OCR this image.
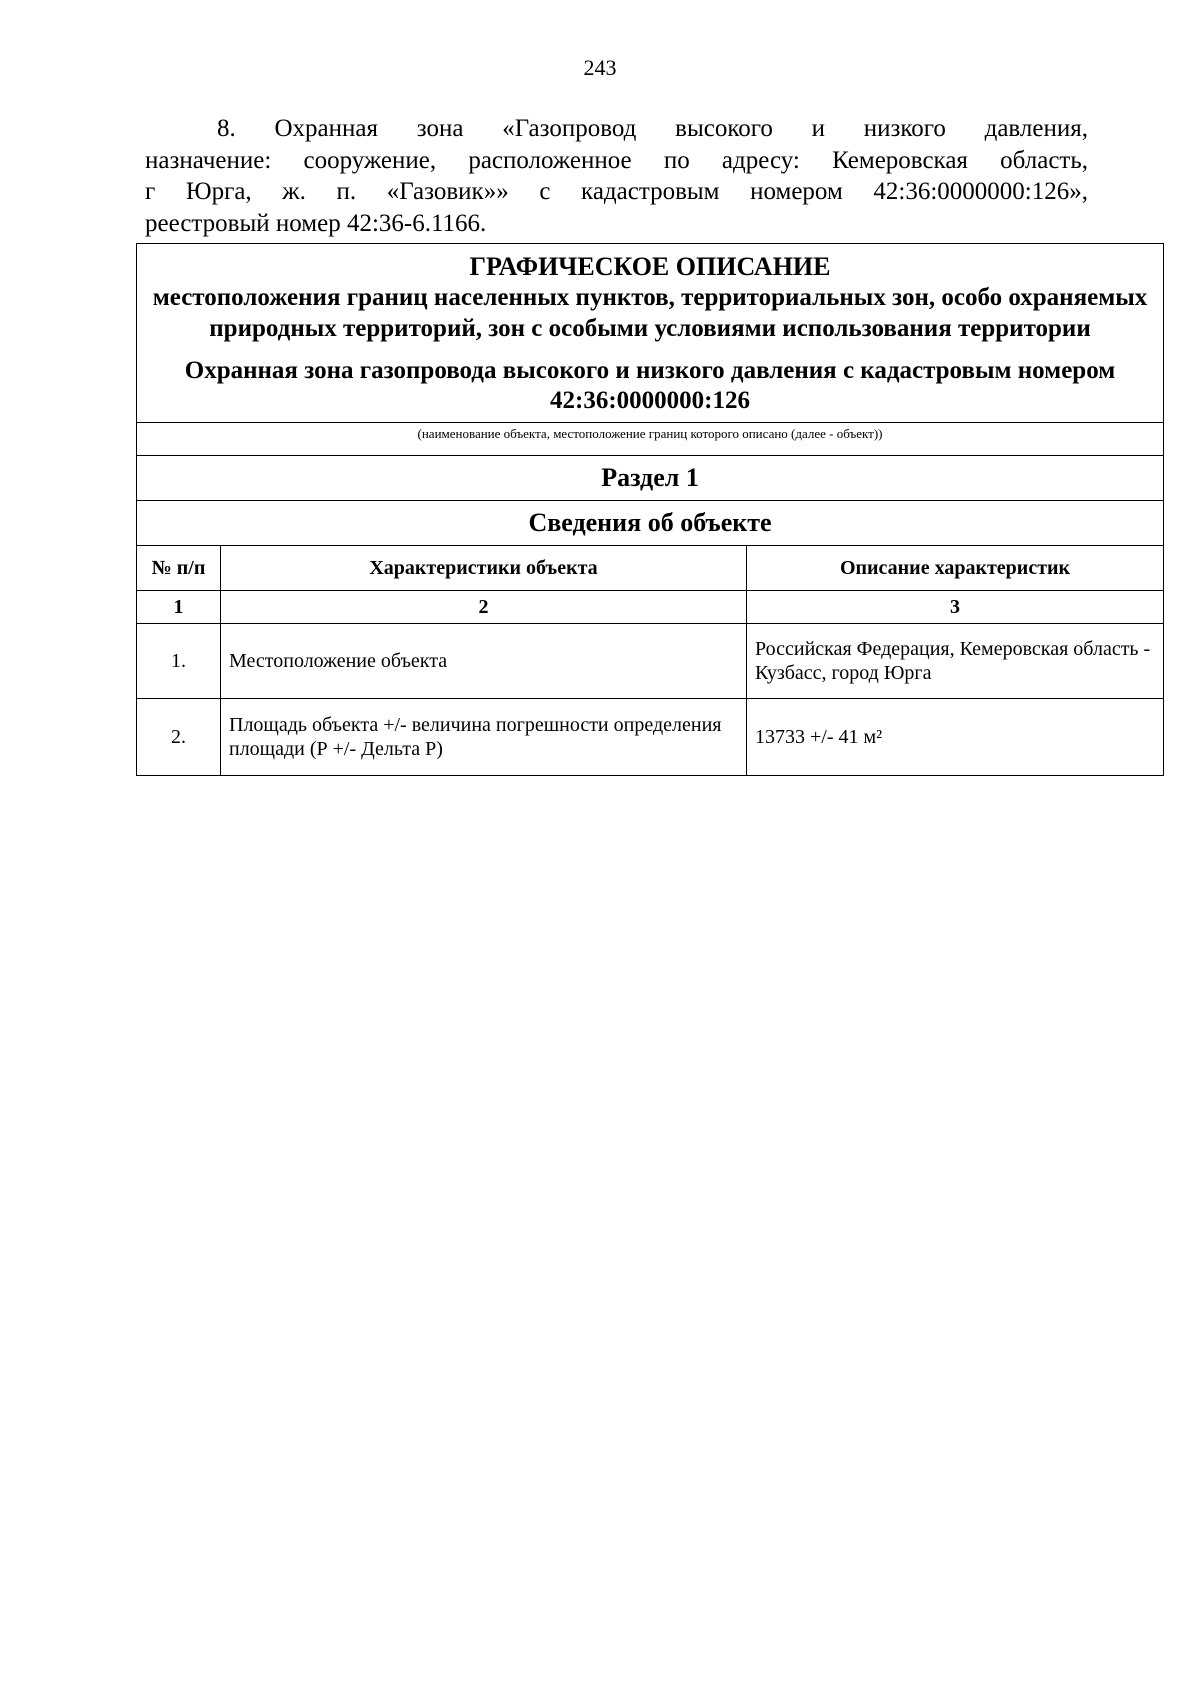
243

8. Охранная зона «Газопровод высокого и низкого давления,

назначение: сооружение, расположенное по адресу: Кемеровская область,

г Юрга, ж. п. «Газовик»» с кадастровым номером 42:36:0000000:126»,

реестровый номер 42:36-6.1166.

ГРАФИЧЕСКОЕ ОПИСАНИЕ
местоположения границ населенных пунктов, территориальных зон, особо охраняемых природных территорий, зон с особыми условиями использования территории
Охранная зона газопровода высокого и низкого давления с кадастровым номером 42:36:0000000:126		

(наименование объекта, местоположение границ которого описано (далее - объект))		
Раздел 1		
Сведения об объекте		
№ п/п	Характеристики объекта	Описание характеристик
1	2	3
1.	Местоположение объекта	Российская Федерация, Кемеровская область - Кузбасс, город Юрга
2.	Площадь объекта +/- величина погрешности определения площади (Р +/- Дельта Р)	13733 +/- 41 м²
